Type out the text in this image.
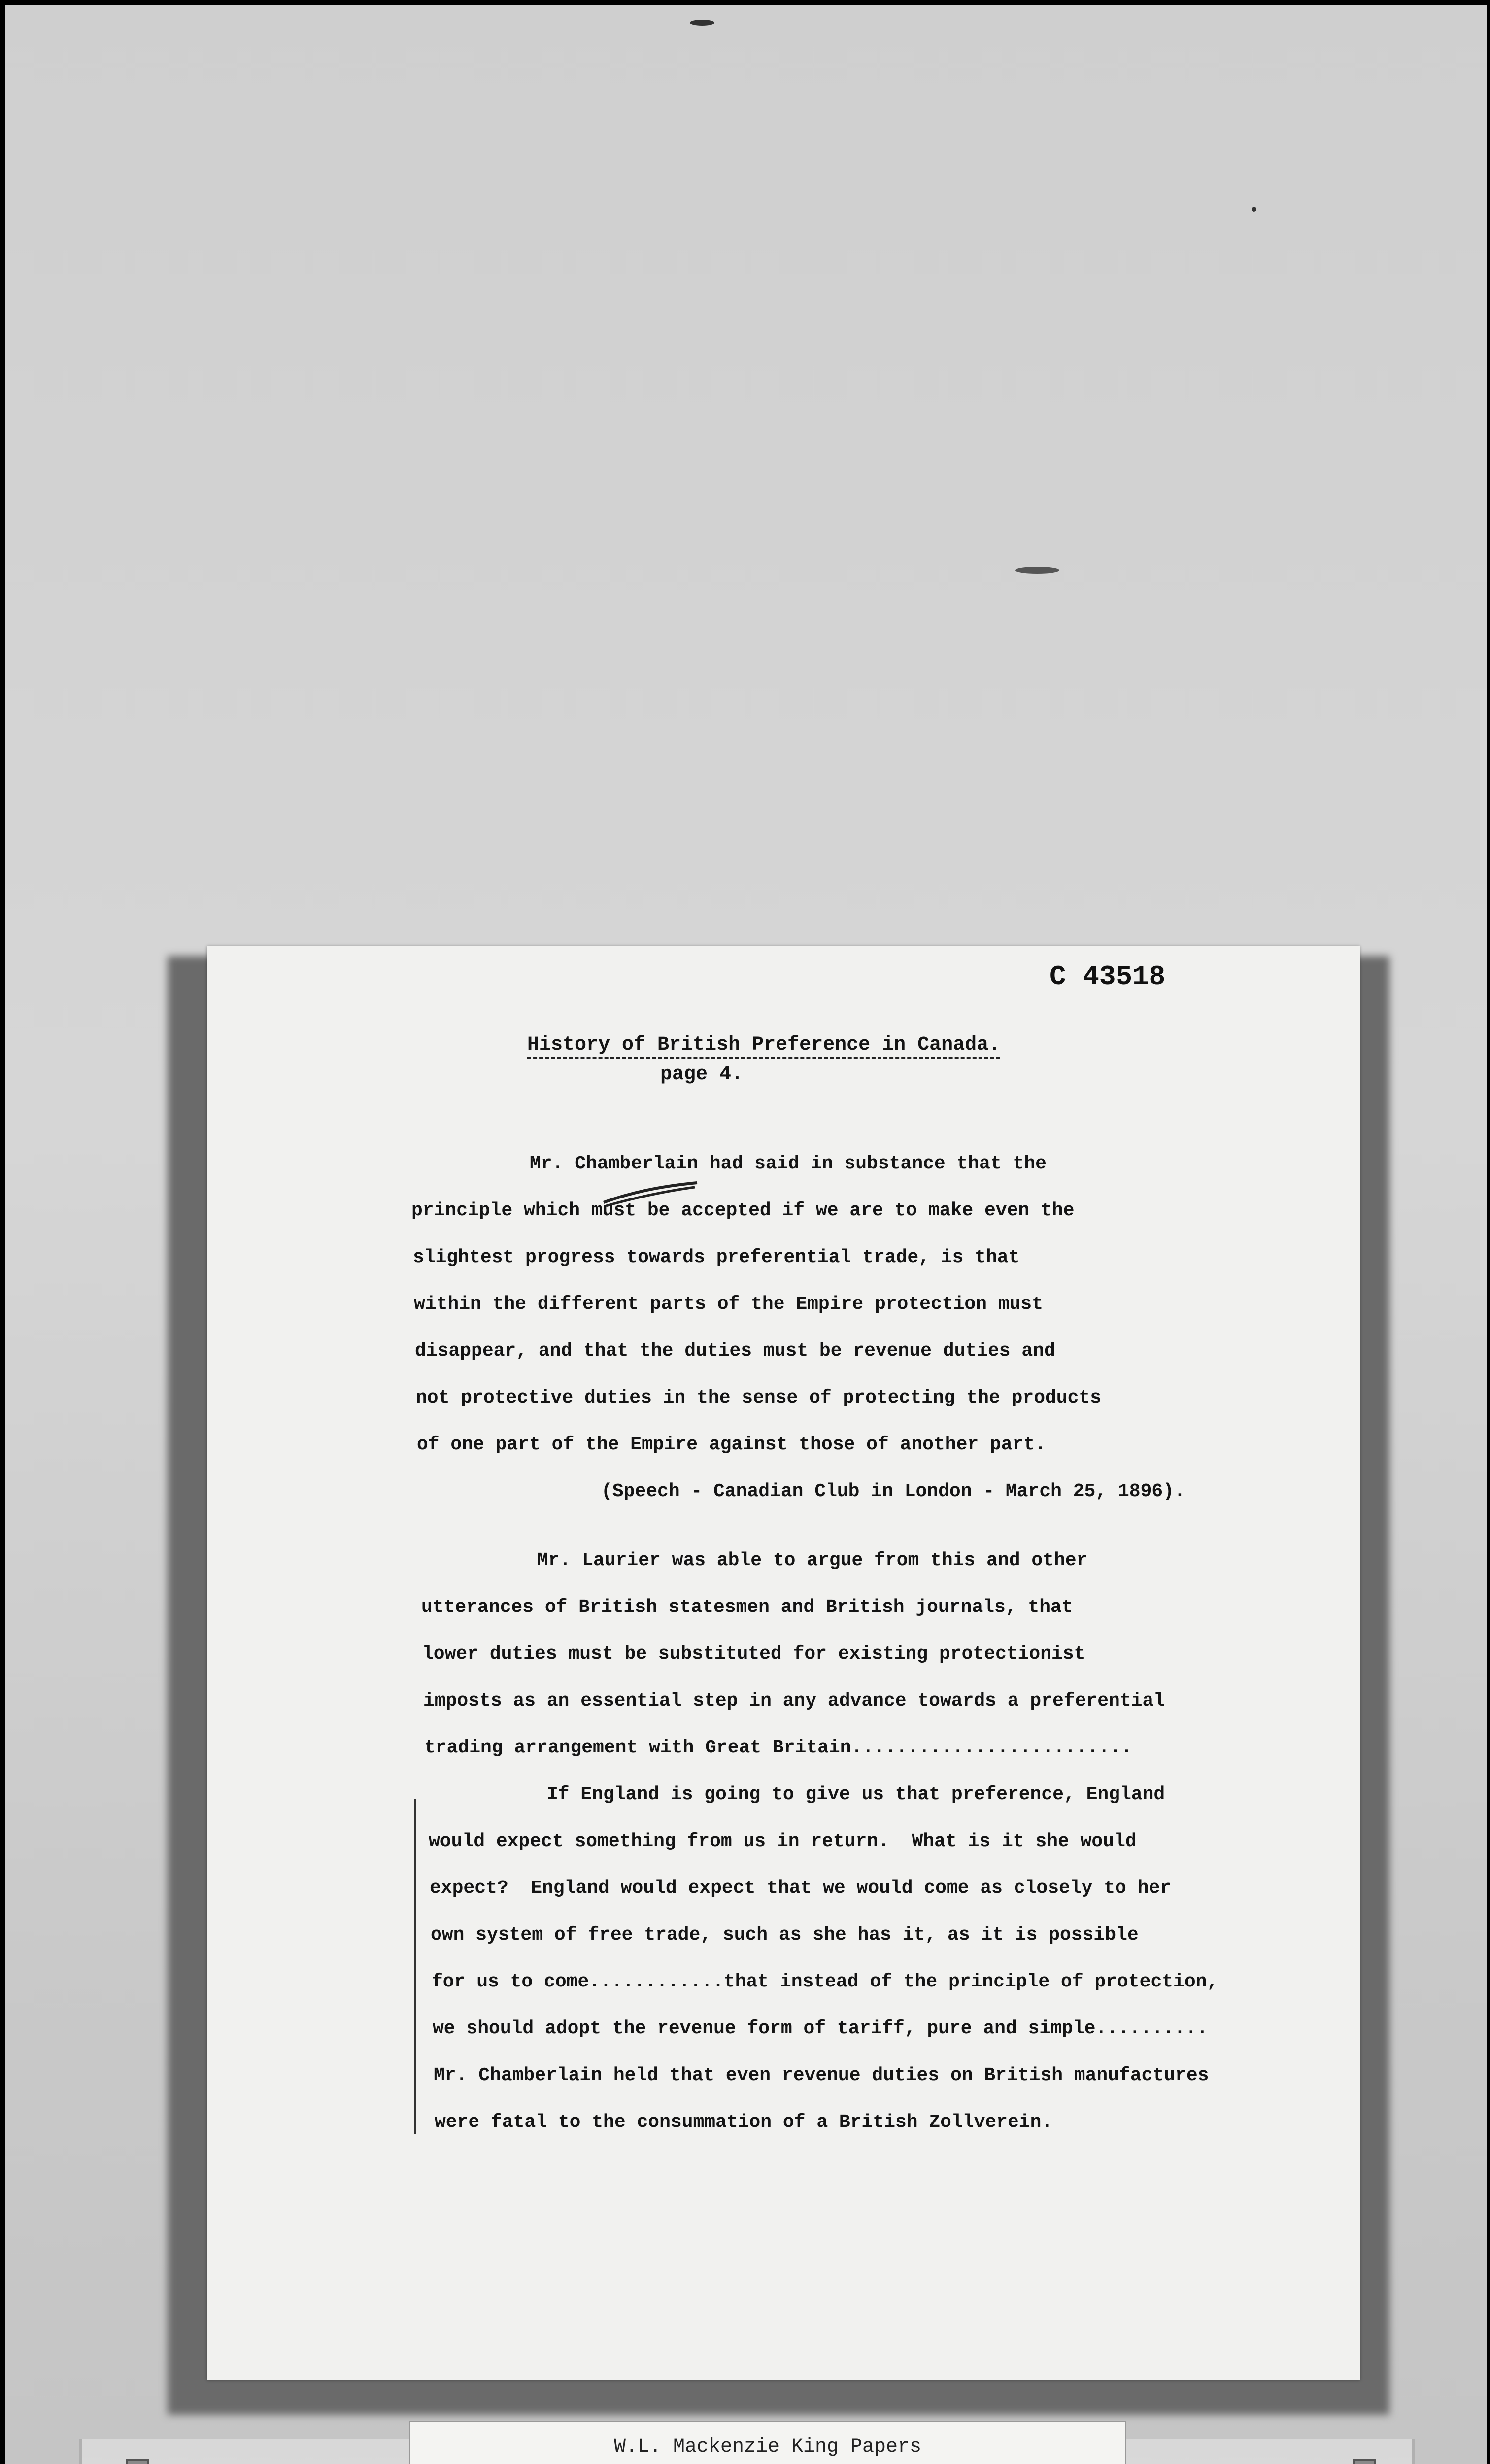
C 43518
History of British Preference in Canada.
page 4.
Mr. Chamberlain had said in substance that the
principle which must be accepted if we are to make even the
slightest progress towards preferential trade, is that
within the different parts of the Empire protection must
disappear, and that the duties must be revenue duties and
not protective duties in the sense of protecting the products
of one part of the Empire against those of another part.
(Speech - Canadian Club in London - March 25, 1896).
Mr. Laurier was able to argue from this and other
utterances of British statesmen and British journals, that
lower duties must be substituted for existing protectionist
imposts as an essential step in any advance towards a preferential
trading arrangement with Great Britain.........................
If England is going to give us that preference, England
would expect something from us in return.  What is it she would
expect?  England would expect that we would come as closely to her
own system of free trade, such as she has it, as it is possible
for us to come............that instead of the principle of protection,
we should adopt the revenue form of tariff, pure and simple..........
Mr. Chamberlain held that even revenue duties on British manufactures
were fatal to the consummation of a British Zollverein.
W.L. Mackenzie King Papers
